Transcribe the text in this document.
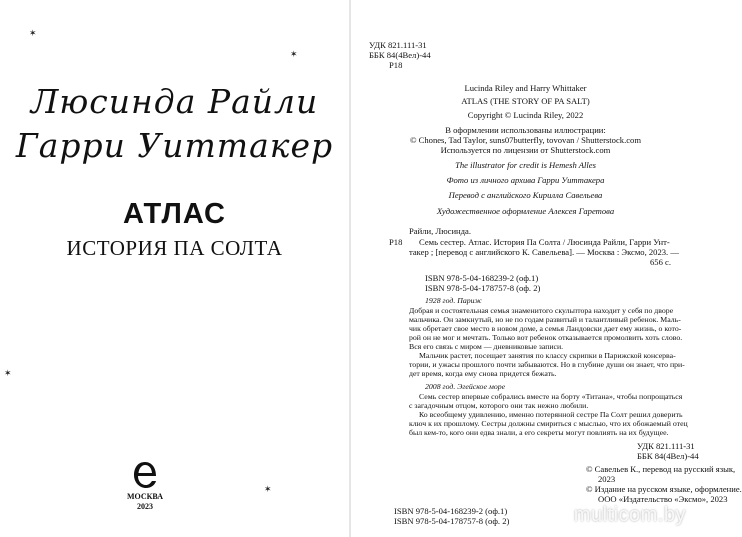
✶
✶
✶
✶
Люсинда Райли
Гарри Уиттакер
АТЛАС
ИСТОРИЯ ПА СОЛТА
МОСКВА
2023
УДК 821.111-31
ББК 84(4Вел)-44
Р18
Lucinda Riley and Harry Whittaker
ATLAS (THE STORY OF PA SALT)
Copyright © Lucinda Riley, 2022
В оформлении использованы иллюстрации:
© Chones, Tad Taylor, suns07butterfly, tovovan / Shutterstock.com
Используется по лицензии от Shutterstock.com
The illustrator for credit is Hemesh Alles
Фото из личного архива Гарри Уиттакера
Перевод с английского Кирилла Савельева
Художественное оформление Алексея Гаретова
Райли, Люсинда.
Р18 Семь сестер. Атлас. История Па Солта / Люсинда Райли, Гарри Унт-
такер ; [перевод с английского К. Савельева]. — Москва : Эксмо, 2023. —
656 с.
ISBN 978-5-04-168239-2 (оф.1)
ISBN 978-5-04-178757-8 (оф. 2)
1928 год. Париж
Добрая и состоятельная семья знаменитого скульптора находит у себя по дворе
мальчика. Он замкнутый, но не по годам развитый и талантливый ребенок. Маль-
чик обретает свое место в новом доме, а семья Ландовски дает ему жизнь, о кото-
рой он не мог и мечтать. Только вот ребенок отказывается промолвить хоть слово.
Вся его связь с миром — дневниковые записи.
Мальчик растет, посещает занятия по классу скрипки в Парижской консерва-
тории, и ужасы прошлого почти забываются. Но в глубине души он знает, что при-
дет время, когда ему снова придется бежать.
2008 год. Эгейское море
Семь сестер впервые собрались вместе на борту «Титана», чтобы попрощаться
с загадочным отцом, которого они так нежно любили.
Ко всеобщему удивлению, именно потерянной сестре Па Солт решил доверить
ключ к их прошлому. Сестры должны смириться с мыслью, что их обожаемый отец
был кем-то, кого они едва знали, а его секреты могут повлиять на их будущее.
УДК 821.111-31
ББК 84(4Вел)-44
© Савельев К., перевод на русский язык,
2023
© Издание на русском языке, оформление.
ООО «Издательство «Эксмо», 2023
ISBN 978-5-04-168239-2 (оф.1)
ISBN 978-5-04-178757-8 (оф. 2)	multicom.by
